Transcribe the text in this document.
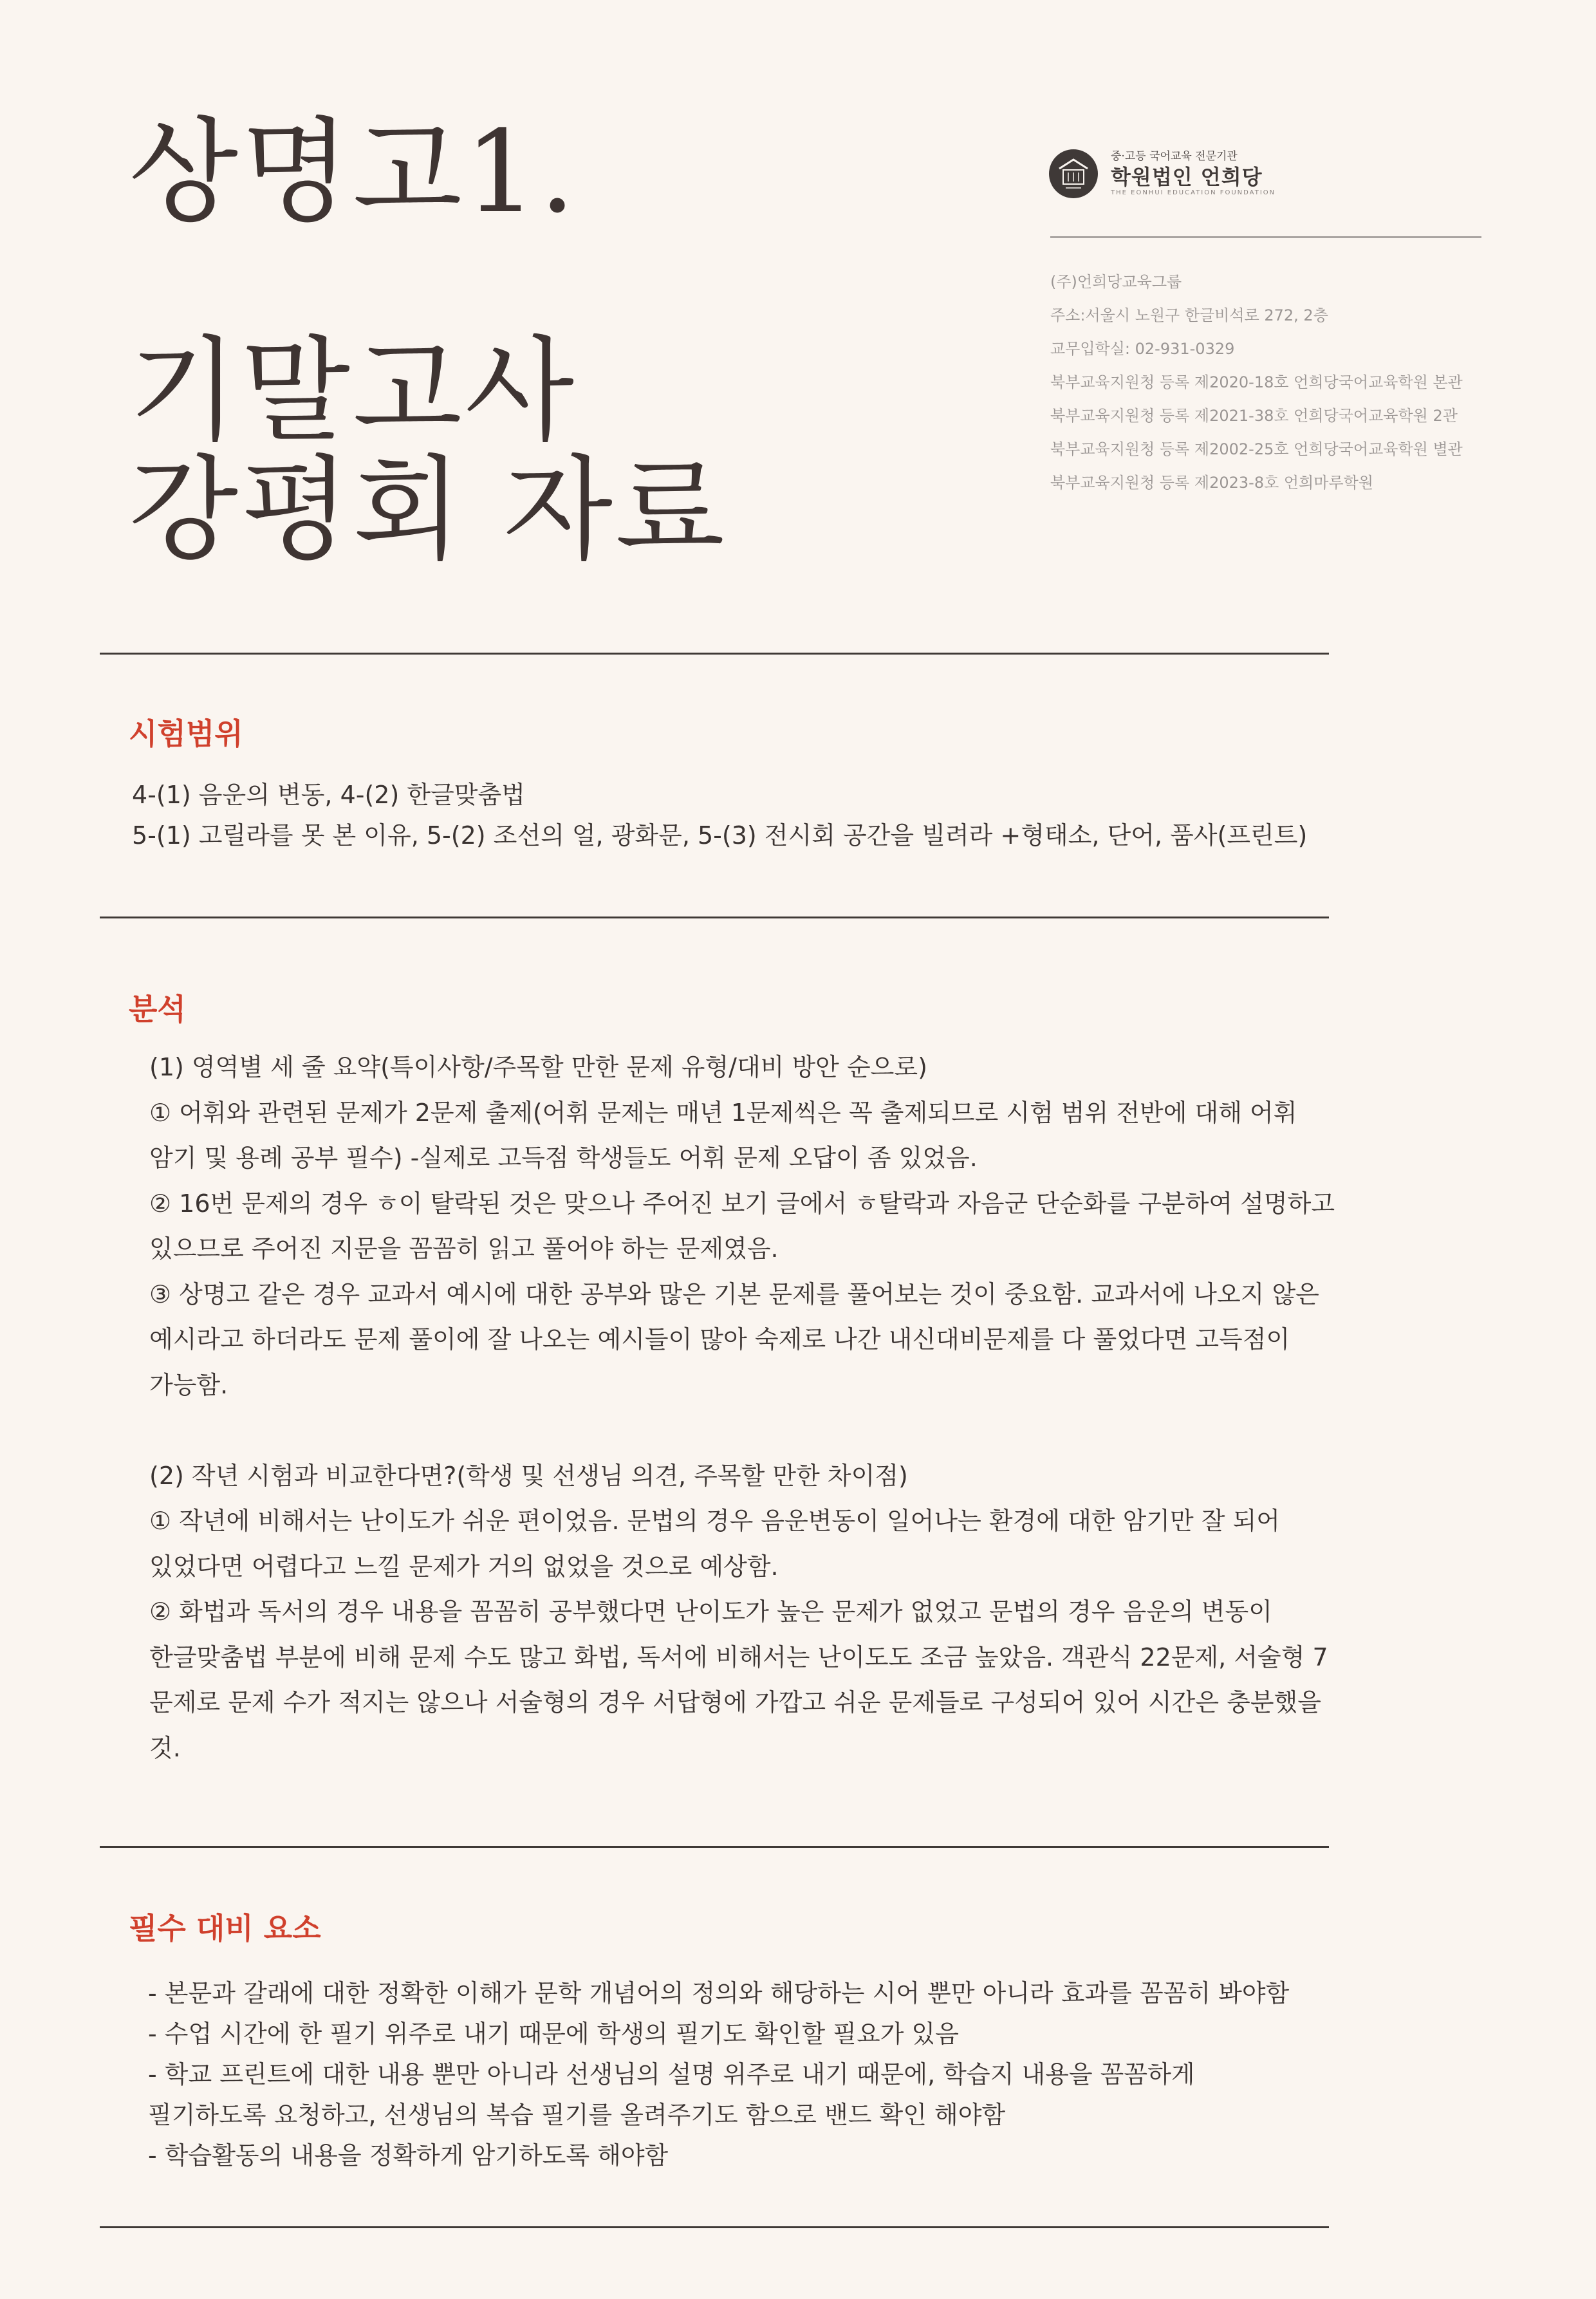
상명고1.
기말고사
강평회 자료
중·고등 국어교육 전문기관
학원법인 언희당
THE EONHUI EDUCATION FOUNDATION
(주)언희당교육그룹
주소:서울시 노원구 한글비석로 272, 2층
교무입학실: 02-931-0329
북부교육지원청 등록 제2020-18호 언희당국어교육학원 본관
북부교육지원청 등록 제2021-38호 언희당국어교육학원 2관
북부교육지원청 등록 제2002-25호 언희당국어교육학원 별관
북부교육지원청 등록 제2023-8호 언희마루학원
시험범위
4-(1) 음운의 변동, 4-(2) 한글맞춤법
5-(1) 고릴라를 못 본 이유, 5-(2) 조선의 얼, 광화문, 5-(3) 전시회 공간을 빌려라 +형태소, 단어, 품사(프린트)
분석
(1) 영역별 세 줄 요약(특이사항/주목할 만한 문제 유형/대비 방안 순으로)
① 어휘와 관련된 문제가 2문제 출제(어휘 문제는 매년 1문제씩은 꼭 출제되므로 시험 범위 전반에 대해 어휘
암기 및 용례 공부 필수) -실제로 고득점 학생들도 어휘 문제 오답이 좀 있었음.
② 16번 문제의 경우 ㅎ이 탈락된 것은 맞으나 주어진 보기 글에서 ㅎ탈락과 자음군 단순화를 구분하여 설명하고
있으므로 주어진 지문을 꼼꼼히 읽고 풀어야 하는 문제였음.
③ 상명고 같은 경우 교과서 예시에 대한 공부와 많은 기본 문제를 풀어보는 것이 중요함. 교과서에 나오지 않은
예시라고 하더라도 문제 풀이에 잘 나오는 예시들이 많아 숙제로 나간 내신대비문제를 다 풀었다면 고득점이
가능함.
(2) 작년 시험과 비교한다면?(학생 및 선생님 의견, 주목할 만한 차이점)
① 작년에 비해서는 난이도가 쉬운 편이었음. 문법의 경우 음운변동이 일어나는 환경에 대한 암기만 잘 되어
있었다면 어렵다고 느낄 문제가 거의 없었을 것으로 예상함.
② 화법과 독서의 경우 내용을 꼼꼼히 공부했다면 난이도가 높은 문제가 없었고 문법의 경우 음운의 변동이
한글맞춤법 부분에 비해 문제 수도 많고 화법, 독서에 비해서는 난이도도 조금 높았음. 객관식 22문제, 서술형 7
문제로 문제 수가 적지는 않으나 서술형의 경우 서답형에 가깝고 쉬운 문제들로 구성되어 있어 시간은 충분했을
것.
필수 대비 요소
- 본문과 갈래에 대한 정확한 이해가 문학 개념어의 정의와 해당하는 시어 뿐만 아니라 효과를 꼼꼼히 봐야함
- 수업 시간에 한 필기 위주로 내기 때문에 학생의 필기도 확인할 필요가 있음
- 학교 프린트에 대한 내용 뿐만 아니라 선생님의 설명 위주로 내기 때문에, 학습지 내용을 꼼꼼하게
필기하도록 요청하고, 선생님의 복습 필기를 올려주기도 함으로 밴드 확인 해야함
- 학습활동의 내용을 정확하게 암기하도록 해야함
